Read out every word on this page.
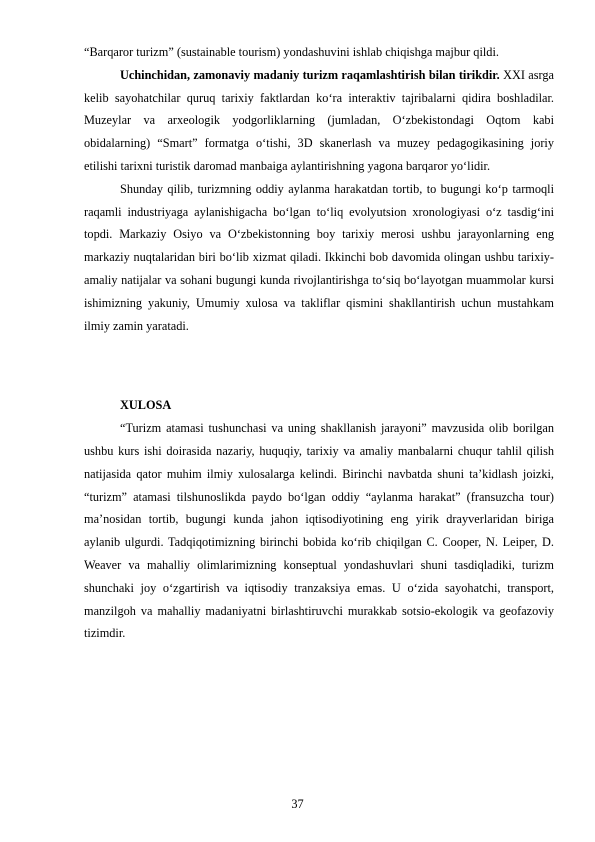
“Barqaror turizm” (sustainable tourism) yondashuvini ishlab chiqishga majbur qildi.

Uchinchidan, zamonaviy madaniy turizm raqamlashtirish bilan tirikdir. XXI asrga kelib sayohatchilar quruq tarixiy faktlardan ko‘ra interaktiv tajribalarni qidira boshladilar. Muzeylar va arxeologik yodgorliklarning (jumladan, O‘zbekistondagi Oqtom kabi obidalarning) “Smart” formatga o‘tishi, 3D skanerlash va muzey pedagogikasining joriy etilishi tarixni turistik daromad manbaiga aylantirishning yagona barqaror yo‘lidir.

Shunday qilib, turizmning oddiy aylanma harakatdan tortib, to bugungi ko‘p tarmoqli raqamli industriyaga aylanishigacha bo‘lgan to‘liq evolyutsion xronologiyasi o‘z tasdig‘ini topdi. Markaziy Osiyo va O‘zbekistonning boy tarixiy merosi ushbu jarayonlarning eng markaziy nuqtalaridan biri bo‘lib xizmat qiladi. Ikkinchi bob davomida olingan ushbu tarixiy-amaliy natijalar va sohani bugungi kunda rivojlantirishga to‘siq bo‘layotgan muammolar kursi ishimizning yakuniy, Umumiy xulosa va takliflar qismini shakllantirish uchun mustahkam ilmiy zamin yaratadi.

XULOSA

“Turizm atamasi tushunchasi va uning shakllanish jarayoni” mavzusida olib borilgan ushbu kurs ishi doirasida nazariy, huquqiy, tarixiy va amaliy manbalarni chuqur tahlil qilish natijasida qator muhim ilmiy xulosalarga kelindi. Birinchi navbatda shuni ta’kidlash joizki, “turizm” atamasi tilshunoslikda paydo bo‘lgan oddiy “aylanma harakat” (fransuzcha tour) ma’nosidan tortib, bugungi kunda jahon iqtisodiyotining eng yirik drayverlaridan biriga aylanib ulgurdi. Tadqiqotimizning birinchi bobida ko‘rib chiqilgan C. Cooper, N. Leiper, D. Weaver va mahalliy olimlarimizning konseptual yondashuvlari shuni tasdiqladiki, turizm shunchaki joy o‘zgartirish va iqtisodiy tranzaksiya emas. U o‘zida sayohatchi, transport, manzilgoh va mahalliy madaniyatni birlashtiruvchi murakkab sotsio-ekologik va geofazoviy tizimdir.

37
